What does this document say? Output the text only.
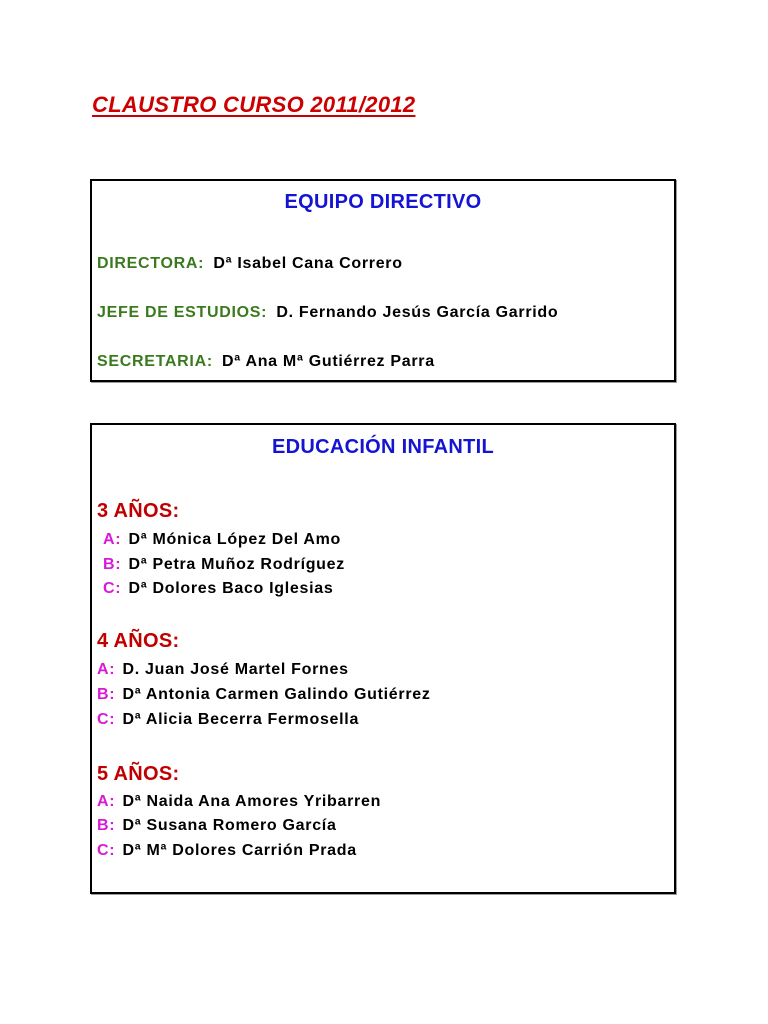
CLAUSTRO CURSO 2011/2012
EQUIPO DIRECTIVO

DIRECTORA: Dª Isabel Cana Correro

JEFE DE ESTUDIOS: D. Fernando Jesús García Garrido

SECRETARIA: Dª Ana Mª Gutiérrez Parra

EDUCACIÓN INFANTIL

3 AÑOS:

A: Dª Mónica López Del Amo

B: Dª Petra Muñoz Rodríguez

C: Dª Dolores Baco Iglesias

4 AÑOS:

A: D. Juan José Martel Fornes

B: Dª Antonia Carmen Galindo Gutiérrez

C: Dª Alicia Becerra Fermosella

5 AÑOS:

A: Dª Naida Ana Amores Yribarren

B: Dª Susana Romero García

C: Dª Mª Dolores Carrión Prada
